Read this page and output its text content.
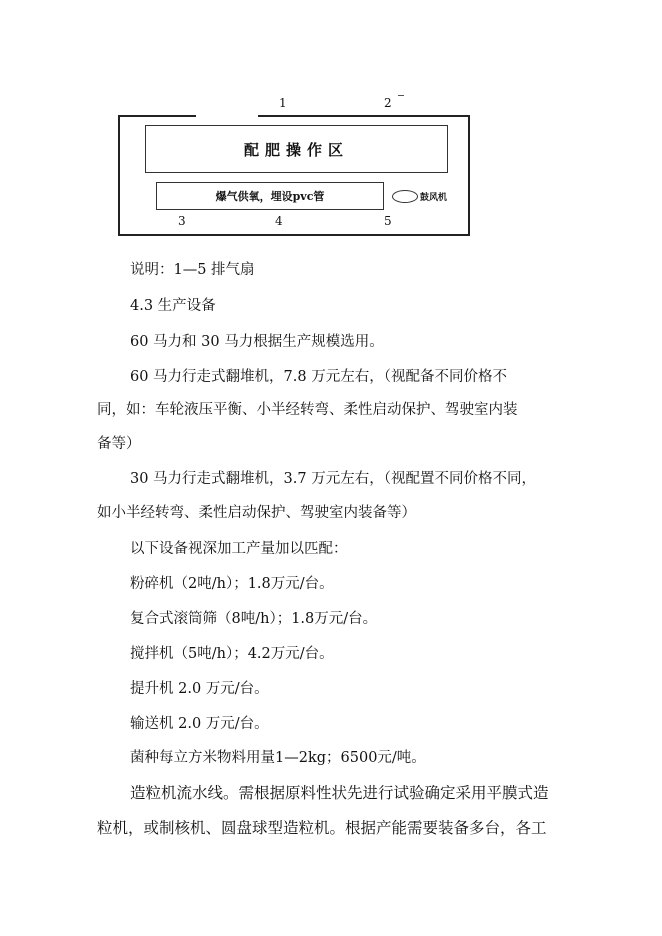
1	2
3	4	5
配肥操作区
爆气供氧，埋设pvc管	鼓风机
说明：1—5 排气扇
4.3 生产设备
60 马力和 30 马力根据生产规模选用。
60 马力行走式翻堆机，7.8 万元左右，（视配备不同价格不
同，如：车轮液压平衡、小半经转弯、柔性启动保护、驾驶室内装
备等）
30 马力行走式翻堆机，3.7 万元左右，（视配置不同价格不同，
如小半经转弯、柔性启动保护、驾驶室内装备等）
以下设备视深加工产量加以匹配：
粉碎机（2吨/h）；1.8万元/台。
复合式滚筒筛（8吨/h）；1.8万元/台。
搅拌机（5吨/h）；4.2万元/台。
提升机 2.0 万元/台。
输送机 2.0 万元/台。
菌种每立方米物料用量1—2kg；6500元/吨。
造粒机流水线。需根据原料性状先进行试验确定采用平膜式造
粒机，或制核机、圆盘球型造粒机。根据产能需要装备多台，各工
